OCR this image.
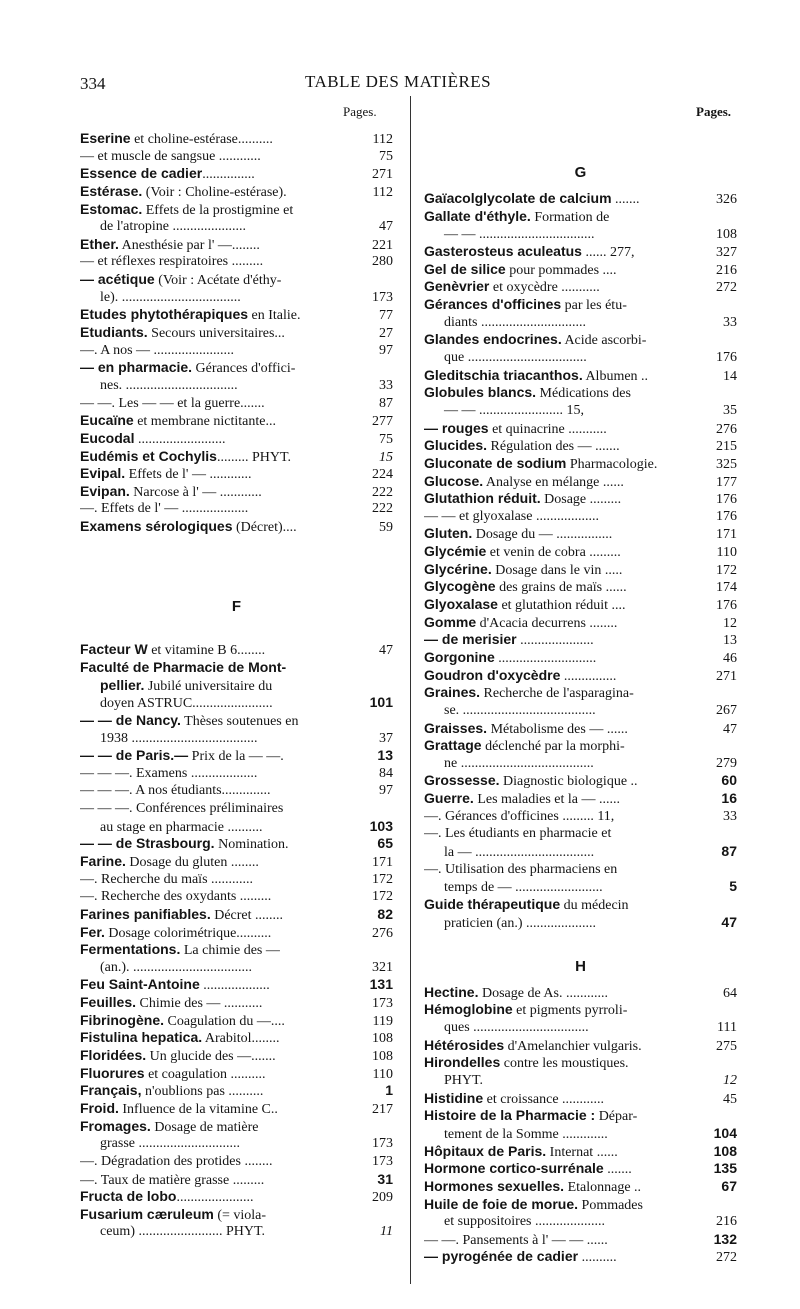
334	TABLE DES MATIÈRES
Pages.	Pages.
Eserine et choline-estérase..........	112
— et muscle de sangsue ............	75
Essence de cadier...............	271
Estérase. (Voir : Choline-estérase).	112
Estomac. Effets de la prostigmine et
de l'atropine .....................	47
Ether. Anesthésie par l' —........	221
— et réflexes respiratoires .........	280
— acétique (Voir : Acétate d'éthy-
le). ..................................	173
Etudes phytothérapiques en Italie.	77
Etudiants. Secours universitaires...	27
—. A nos — .......................	97
— en pharmacie. Gérances d'offici-
nes. ................................	33
— —. Les — — et la guerre.......	87
Eucaïne et membrane nictitante...	277
Eucodal .........................	75
Eudémis et Cochylis......... PHYT.	15
Evipal. Effets de l' — ............	224
Evipan. Narcose à l' — ............	222
—. Effets de l' — ...................	222
Examens sérologiques (Décret)....	59
F
Facteur W et vitamine B 6........	47
Faculté de Pharmacie de Mont-
pellier. Jubilé universitaire du
doyen ASTRUC.......................	101
— — de Nancy. Thèses soutenues en
1938 ....................................	37
— — de Paris.— Prix de la — —.	13
— — —. Examens ...................	84
— — —. A nos étudiants..............	97
— — —. Conférences préliminaires
au stage en pharmacie ..........	103
— — de Strasbourg. Nomination.	65
Farine. Dosage du gluten ........	171
—. Recherche du maïs ............	172
—. Recherche des oxydants .........	172
Farines panifiables. Décret ........	82
Fer. Dosage colorimétrique..........	276
Fermentations. La chimie des —
(an.). ..................................	321
Feu Saint-Antoine ...................	131
Feuilles. Chimie des — ...........	173
Fibrinogène. Coagulation du —....	119
Fistulina hepatica. Arabitol........	108
Floridées. Un glucide des —.......	108
Fluorures et coagulation ..........	110
Français, n'oublions pas ..........	1
Froid. Influence de la vitamine C..	217
Fromages. Dosage de matière
grasse .............................	173
—. Dégradation des protides ........	173
—. Taux de matière grasse .........	31
Fructa de lobo......................	209
Fusarium cæruleum (= viola-
ceum) ........................ PHYT.	11
G
Gaïacolglycolate de calcium .......	326
Gallate d'éthyle. Formation de
— — .................................	108
Gasterosteus aculeatus ...... 277,	327
Gel de silice pour pommades ....	216
Genèvrier et oxycèdre ...........	272
Gérances d'officines par les étu-
diants ..............................	33
Glandes endocrines. Acide ascorbi-
que ..................................	176
Gleditschia triacanthos. Albumen ..	14
Globules blancs. Médications des
— — ........................ 15,	35
— rouges et quinacrine ...........	276
Glucides. Régulation des — .......	215
Gluconate de sodium Pharmacologie.	325
Glucose. Analyse en mélange ......	177
Glutathion réduit. Dosage .........	176
— — et glyoxalase ..................	176
Gluten. Dosage du — ................	171
Glycémie et venin de cobra .........	110
Glycérine. Dosage dans le vin .....	172
Glycogène des grains de maïs ......	174
Glyoxalase et glutathion réduit ....	176
Gomme d'Acacia decurrens ........	12
— de merisier .....................	13
Gorgonine ............................	46
Goudron d'oxycèdre ...............	271
Graines. Recherche de l'asparagina-
se. ......................................	267
Graisses. Métabolisme des — ......	47
Grattage déclenché par la morphi-
ne ......................................	279
Grossesse. Diagnostic biologique ..	60
Guerre. Les maladies et la — ......	16
—. Gérances d'officines ......... 11,	33
—. Les étudiants en pharmacie et
la — ..................................	87
—. Utilisation des pharmaciens en
temps de — .........................	5
Guide thérapeutique du médecin
praticien (an.) ....................	47
H
Hectine. Dosage de As. ............	64
Hémoglobine et pigments pyrroli-
ques .................................	111
Hétérosides d'Amelanchier vulgaris.	275
Hirondelles contre les moustiques.
PHYT.	12
Histidine et croissance ............	45
Histoire de la Pharmacie : Dépar-
tement de la Somme .............	104
Hôpitaux de Paris. Internat ......	108
Hormone cortico-surrénale .......	135
Hormones sexuelles. Etalonnage ..	67
Huile de foie de morue. Pommades
et suppositoires ....................	216
— —. Pansements à l' — — ......	132
— pyrogénée de cadier ..........	272
